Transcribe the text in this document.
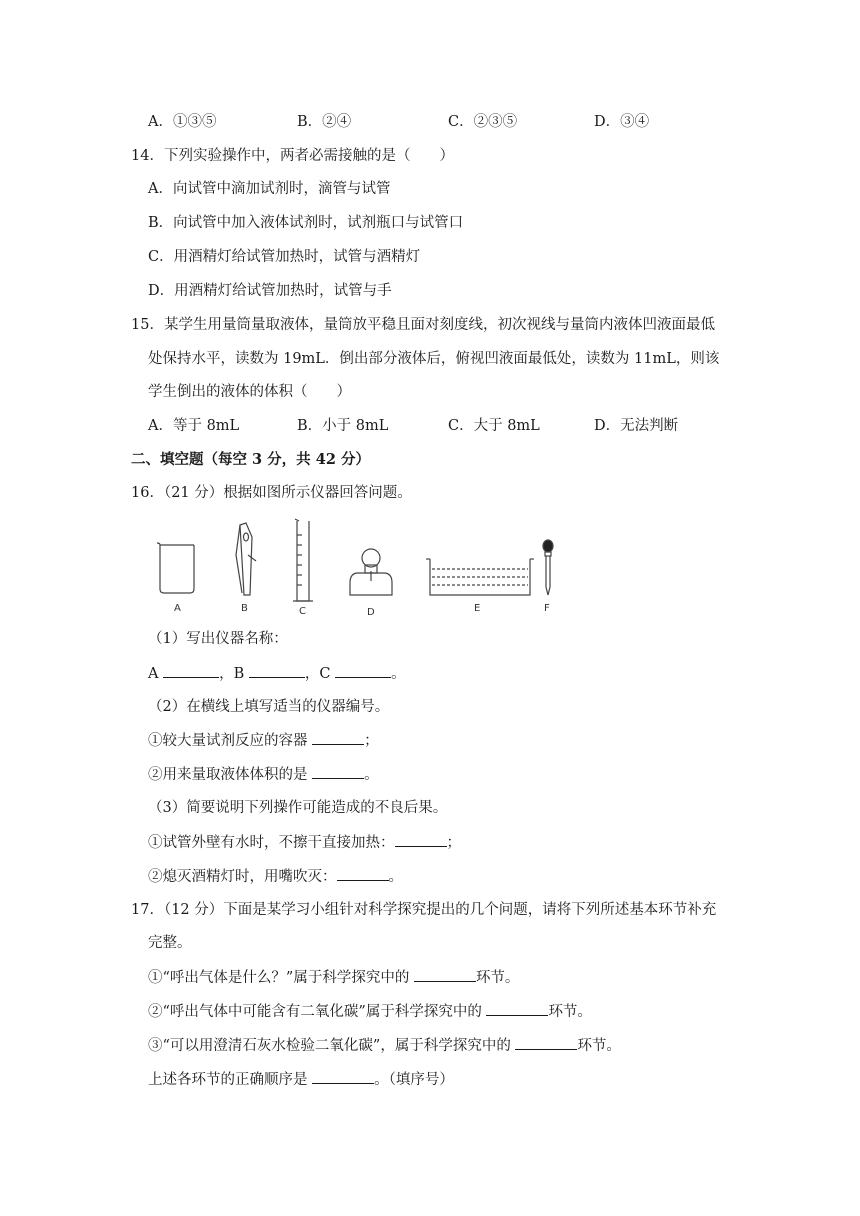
A．①③⑤	B．②④	C．②③⑤	D．③④
14．下列实验操作中，两者必需接触的是（　　）
A．向试管中滴加试剂时，滴管与试管
B．向试管中加入液体试剂时，试剂瓶口与试管口
C．用酒精灯给试管加热时，试管与酒精灯
D．用酒精灯给试管加热时，试管与手
15．某学生用量筒量取液体，量筒放平稳且面对刻度线，初次视线与量筒内液体凹液面最低
处保持水平，读数为 19mL．倒出部分液体后，俯视凹液面最低处，读数为 11mL，则该
学生倒出的液体的体积（　　）
A．等于 8mL	B．小于 8mL	C．大于 8mL	D．无法判断
二、填空题（每空 3 分，共 42 分）
16．（21 分）根据如图所示仪器回答问题。
A	B	C	D	E	F
（1）写出仪器名称：
A	，B	，C	。
（2）在横线上填写适当的仪器编号。
①较大量试剂反应的容器	；
②用来量取液体体积的是	。
（3）简要说明下列操作可能造成的不良后果。
①试管外壁有水时，不擦干直接加热：	；
②熄灭酒精灯时，用嘴吹灭：	。
17．（12 分）下面是某学习小组针对科学探究提出的几个问题，请将下列所述基本环节补充
完整。
①“呼出气体是什么？”属于科学探究中的	环节。
②“呼出气体中可能含有二氧化碳”属于科学探究中的	环节。
③“可以用澄清石灰水检验二氧化碳”，属于科学探究中的	环节。
上述各环节的正确顺序是	。（填序号）
